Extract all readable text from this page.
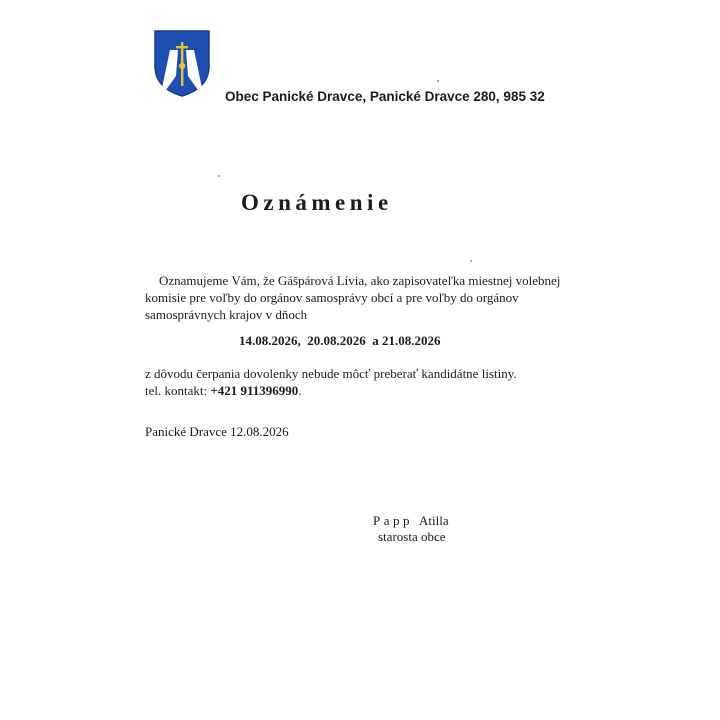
Obec Panické Dravce, Panické Dravce 280, 985 32
Oznámenie
Oznamujeme Vám, že Gášpárová Lívia, ako zapisovateľka miestnej volebnej
komisie pre voľby do orgánov samosprávy obcí a pre voľby do orgánov
samosprávnych krajov v dňoch
14.08.2026,  20.08.2026  a 21.08.2026
z dôvodu čerpania dovolenky nebude môcť preberať kandidátne listiny.
tel. kontakt: +421 911396990.
Panické Dravce 12.08.2026
Papp Atilla
starosta obce
